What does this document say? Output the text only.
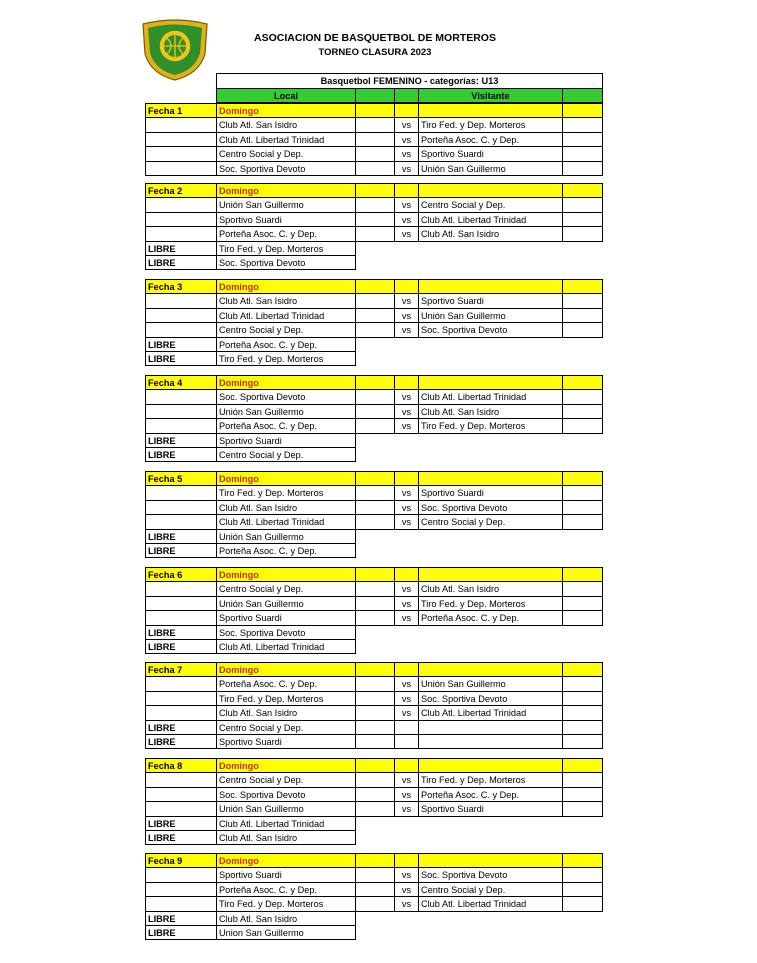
ASOCIACION DE BASQUETBOL DE MORTEROS
TORNEO CLASURA 2023
Basquetbol FEMENINO - categorías: U13
Local	Visitante
Fecha 1	Domingo
Club Atl. San Isidro	vs	Tiro Fed. y Dep. Morteros
Club Atl. Libertad Trinidad	vs	Porteña Asoc. C. y Dep.
Centro Social y Dep.	vs	Sportivo Suardi
Soc. Sportiva Devoto	vs	Unión San Guillermo
Fecha 2	Domingo
Unión San Guillermo	vs	Centro Social y Dep.
Sportivo Suardi	vs	Club Atl. Libertad Trinidad
Porteña Asoc. C. y Dep.	vs	Club Atl. San Isidro
LIBRE	Tiro Fed. y Dep. Morteros
LIBRE	Soc. Sportiva Devoto
Fecha 3	Domingo
Club Atl. San Isidro	vs	Sportivo Suardi
Club Atl. Libertad Trinidad	vs	Unión San Guillermo
Centro Social y Dep.	vs	Soc. Sportiva Devoto
LIBRE	Porteña Asoc. C. y Dep.
LIBRE	Tiro Fed. y Dep. Morteros
Fecha 4	Domingo
Soc. Sportiva Devoto	vs	Club Atl. Libertad Trinidad
Unión San Guillermo	vs	Club Atl. San Isidro
Porteña Asoc. C. y Dep.	vs	Tiro Fed. y Dep. Morteros
LIBRE	Sportivo Suardi
LIBRE	Centro Social y Dep.
Fecha 5	Domingo
Tiro Fed. y Dep. Morteros	vs	Sportivo Suardi
Club Atl. San Isidro	vs	Soc. Sportiva Devoto
Club Atl. Libertad Trinidad	vs	Centro Social y Dep.
LIBRE	Unión San Guillermo
LIBRE	Porteña Asoc. C. y Dep.
Fecha 6	Domingo
Centro Social y Dep.	vs	Club Atl. San Isidro
Unión San Guillermo	vs	Tiro Fed. y Dep. Morteros
Sportivo Suardi	vs	Porteña Asoc. C. y Dep.
LIBRE	Soc. Sportiva Devoto
LIBRE	Club Atl. Libertad Trinidad
Fecha 7	Domingo
Porteña Asoc. C. y Dep.	vs	Unión San Guillermo
Tiro Fed. y Dep. Morteros	vs	Soc. Sportiva Devoto
Club Atl. San Isidro	vs	Club Atl. Libertad Trinidad
LIBRE	Centro Social y Dep.
LIBRE	Sportivo Suardi
Fecha 8	Domingo
Centro Social y Dep.	vs	Tiro Fed. y Dep. Morteros
Soc. Sportiva Devoto	vs	Porteña Asoc. C. y Dep.
Unión San Guillermo	vs	Sportivo Suardi
LIBRE	Club Atl. Libertad Trinidad
LIBRE	Club Atl. San Isidro
Fecha 9	Domingo
Sportivo Suardi	vs	Soc. Sportiva Devoto
Porteña Asoc. C. y Dep.	vs	Centro Social y Dep.
Tiro Fed. y Dep. Morteros	vs	Club Atl. Libertad Trinidad
LIBRE	Club Atl. San Isidro
LIBRE	Union San Guillermo
